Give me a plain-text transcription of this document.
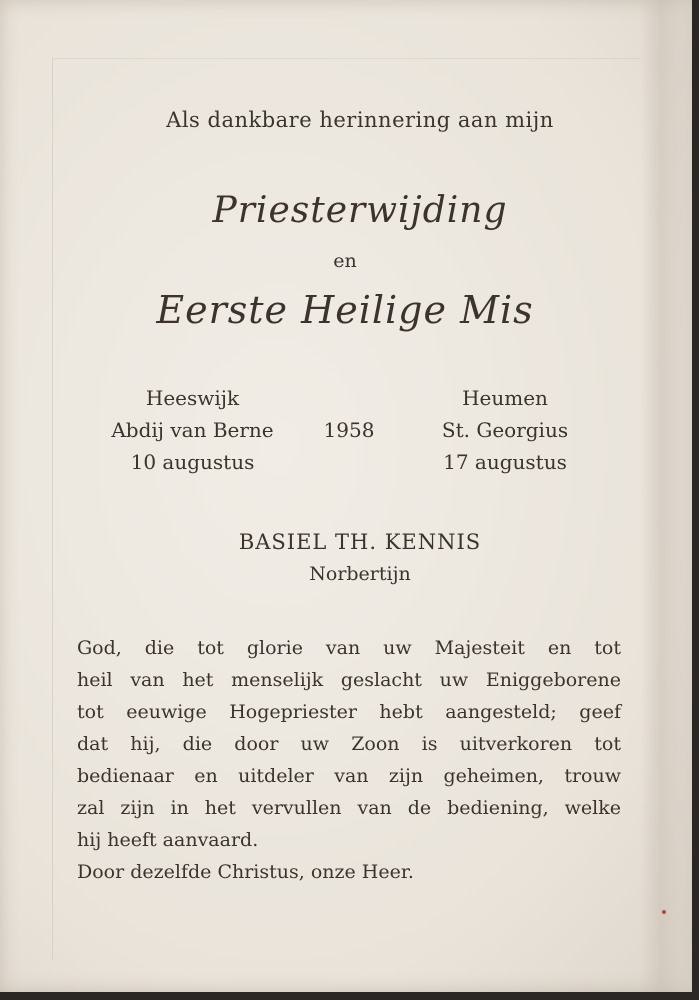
Als dankbare herinnering aan mijn
Priesterwijding
en
Eerste Heilige Mis
Heeswijk
Abdij van Berne
10 augustus
1958
Heumen
St. Georgius
17 augustus
BASIEL TH. KENNIS
Norbertijn
God, die tot glorie van uw Majesteit en tot
heil van het menselijk geslacht uw Eniggeborene
tot eeuwige Hogepriester hebt aangesteld; geef
dat hij, die door uw Zoon is uitverkoren tot
bedienaar en uitdeler van zijn geheimen, trouw
zal zijn in het vervullen van de bediening, welke
hij heeft aanvaard.
Door dezelfde Christus, onze Heer.
